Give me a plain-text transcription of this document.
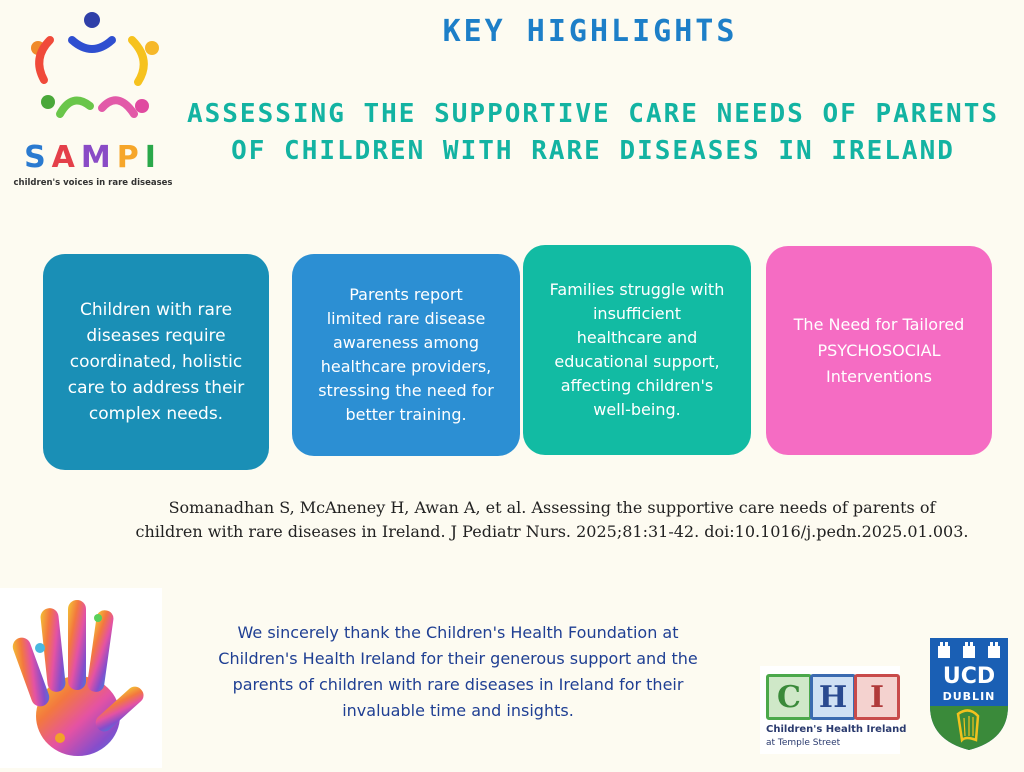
SAMPI
children's voices in rare diseases
KEY HIGHLIGHTS
ASSESSING THE SUPPORTIVE CARE NEEDS OF PARENTS
OF CHILDREN WITH RARE DISEASES IN IRELAND
Children with rare
diseases require
coordinated, holistic
care to address their
complex needs.
Parents report
limited rare disease
awareness among
healthcare providers,
stressing the need for
better training.
Families struggle with
insufficient
healthcare and
educational support,
affecting children's
well-being.
The Need for Tailored
PSYCHOSOCIAL
Interventions
Somanadhan S, McAneney H, Awan A, et al. Assessing the supportive care needs of parents of
children with rare diseases in Ireland. J Pediatr Nurs. 2025;81:31-42. doi:10.1016/j.pedn.2025.01.003.
We sincerely thank the Children's Health Foundation at
Children's Health Ireland for their generous support and the
parents of children with rare diseases in Ireland for their
invaluable time and insights.	C H I
Children's Health Ireland
at Temple Street
UCD
DUBLIN
